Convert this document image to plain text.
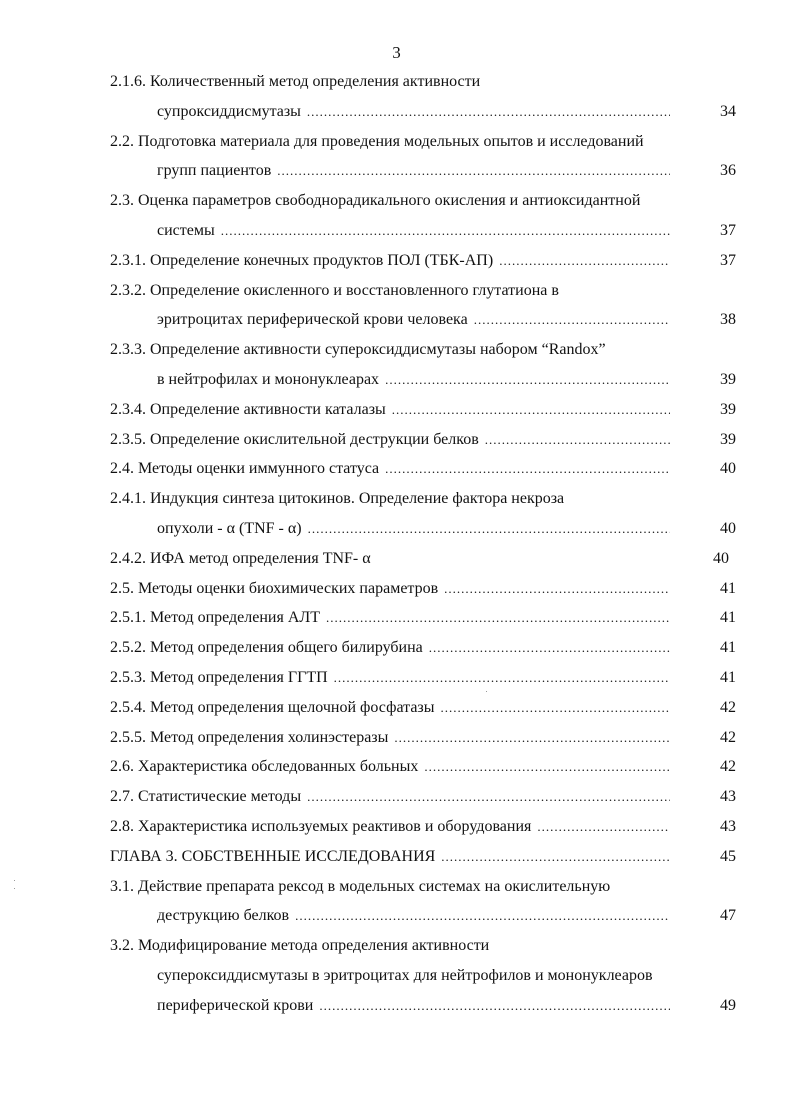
3
2.1.6. Количественный метод определения активности
супроксиддисмутазы .....	34
2.2. Подготовка материала для проведения модельных опытов и исследований
групп пациентов .....	36
2.3. Оценка параметров свободнорадикального окисления и антиоксидантной
системы .....	37
2.3.1. Определение конечных продуктов ПОЛ (ТБК-АП) .....	37
2.3.2. Определение окисленного и восстановленного глутатиона в
эритроцитах периферической крови человека .....	38
2.3.3. Определение активности супероксиддисмутазы набором “Randox”
в нейтрофилах и мононуклеарах .....	39
2.3.4. Определение активности каталазы .....	39
2.3.5. Определение окислительной деструкции белков .....	39
2.4. Методы оценки иммунного статуса .....	40
2.4.1. Индукция синтеза цитокинов. Определение фактора некроза
опухоли - α (TNF - α) .....	40
2.4.2. ИФА метод определения TNF- α	40
2.5. Методы оценки биохимических параметров .....	41
2.5.1. Метод определения АЛТ .....	41
2.5.2. Метод определения общего билирубина .....	41
2.5.3. Метод определения ГГТП .....	41
2.5.4. Метод определения щелочной фосфатазы .....	42
2.5.5. Метод определения холинэстеразы .....	42
2.6. Характеристика обследованных больных .....	42
2.7. Статистические методы .....	43
2.8. Характеристика используемых реактивов и оборудования .....	43
ГЛАВА 3. СОБСТВЕННЫЕ ИССЛЕДОВАНИЯ .....	45
3.1. Действие препарата рексод в модельных системах на окислительную
деструкцию белков .....	47
3.2. Модифицирование метода определения активности
супероксиддисмутазы в эритроцитах для нейтрофилов и мононуклеаров
периферической крови .....	49
